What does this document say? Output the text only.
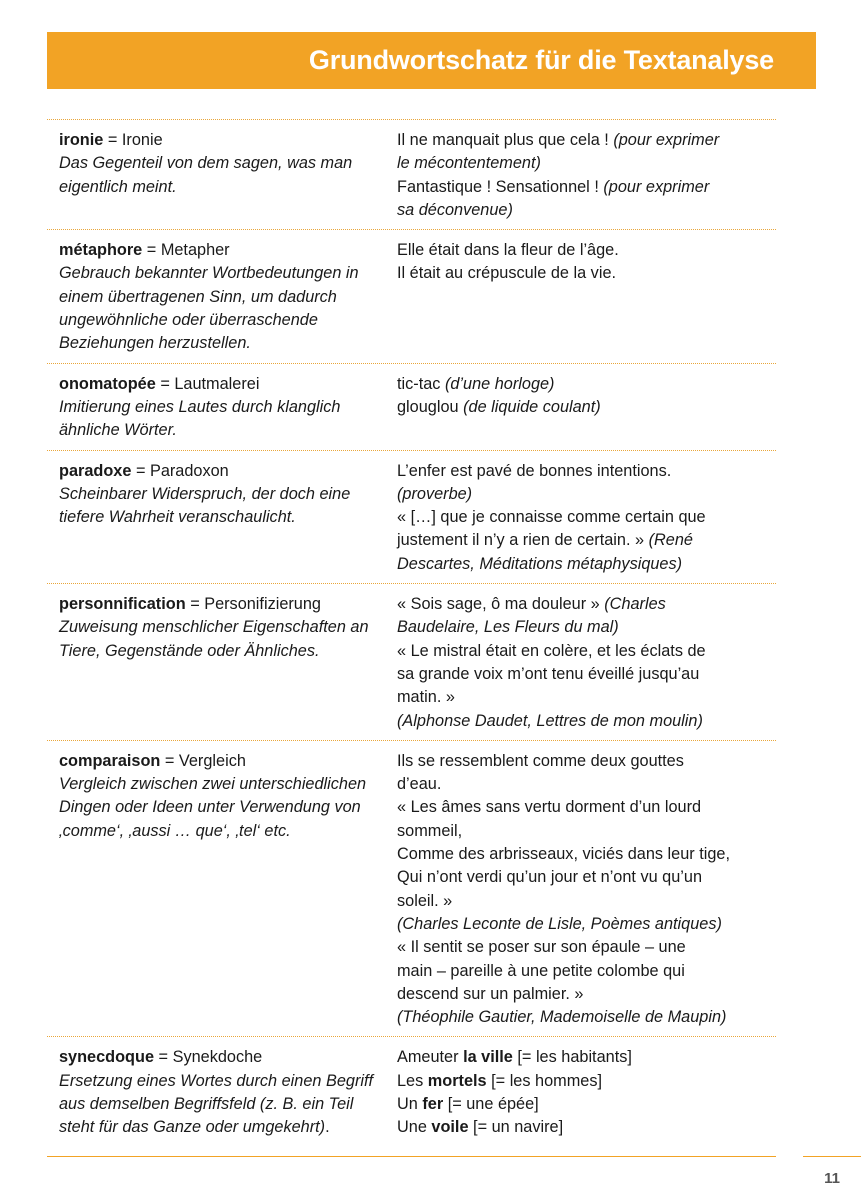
Grundwortschatz für die Textanalyse
ironie = Ironie
Das Gegenteil von dem sagen, was man
eigentlich meint.
Il ne manquait plus que cela ! (pour exprimer
le mécontentement)
Fantastique ! Sensationnel ! (pour exprimer
sa déconvenue)
métaphore = Metapher
Gebrauch bekannter Wortbedeutungen in
einem übertragenen Sinn, um dadurch
ungewöhnliche oder überraschende
Beziehungen herzustellen.
Elle était dans la fleur de l’âge.
Il était au crépuscule de la vie.
onomatopée = Lautmalerei
Imitierung eines Lautes durch klanglich
ähnliche Wörter.
tic-tac (d’une horloge)
glouglou (de liquide coulant)
paradoxe = Paradoxon
Scheinbarer Widerspruch, der doch eine
tiefere Wahrheit veranschaulicht.
L’enfer est pavé de bonnes intentions.
(proverbe)
« […] que je connaisse comme certain que
justement il n’y a rien de certain. » (René
Descartes, Méditations métaphysiques)
personnification = Personifizierung
Zuweisung menschlicher Eigenschaften an
Tiere, Gegenstände oder Ähnliches.
« Sois sage, ô ma douleur » (Charles
Baudelaire, Les Fleurs du mal)
« Le mistral était en colère, et les éclats de
sa grande voix m’ont tenu éveillé jusqu’au
matin. »
(Alphonse Daudet, Lettres de mon moulin)
comparaison = Vergleich
Vergleich zwischen zwei unterschiedlichen
Dingen oder Ideen unter Verwendung von
‚comme‘, ‚aussi … que‘, ‚tel‘ etc.
Ils se ressemblent comme deux gouttes
d’eau.
« Les âmes sans vertu dorment d’un lourd
sommeil,
Comme des arbrisseaux, viciés dans leur tige,
Qui n’ont verdi qu’un jour et n’ont vu qu’un
soleil. »
(Charles Leconte de Lisle, Poèmes antiques)
« Il sentit se poser sur son épaule – une
main – pareille à une petite colombe qui
descend sur un palmier. »
(Théophile Gautier, Mademoiselle de Maupin)
synecdoque = Synekdoche
Ersetzung eines Wortes durch einen Begriff
aus demselben Begriffsfeld (z. B. ein Teil
steht für das Ganze oder umgekehrt).
Ameuter la ville [= les habitants]
Les mortels [= les hommes]
Un fer [= une épée]
Une voile [= un navire]
11
